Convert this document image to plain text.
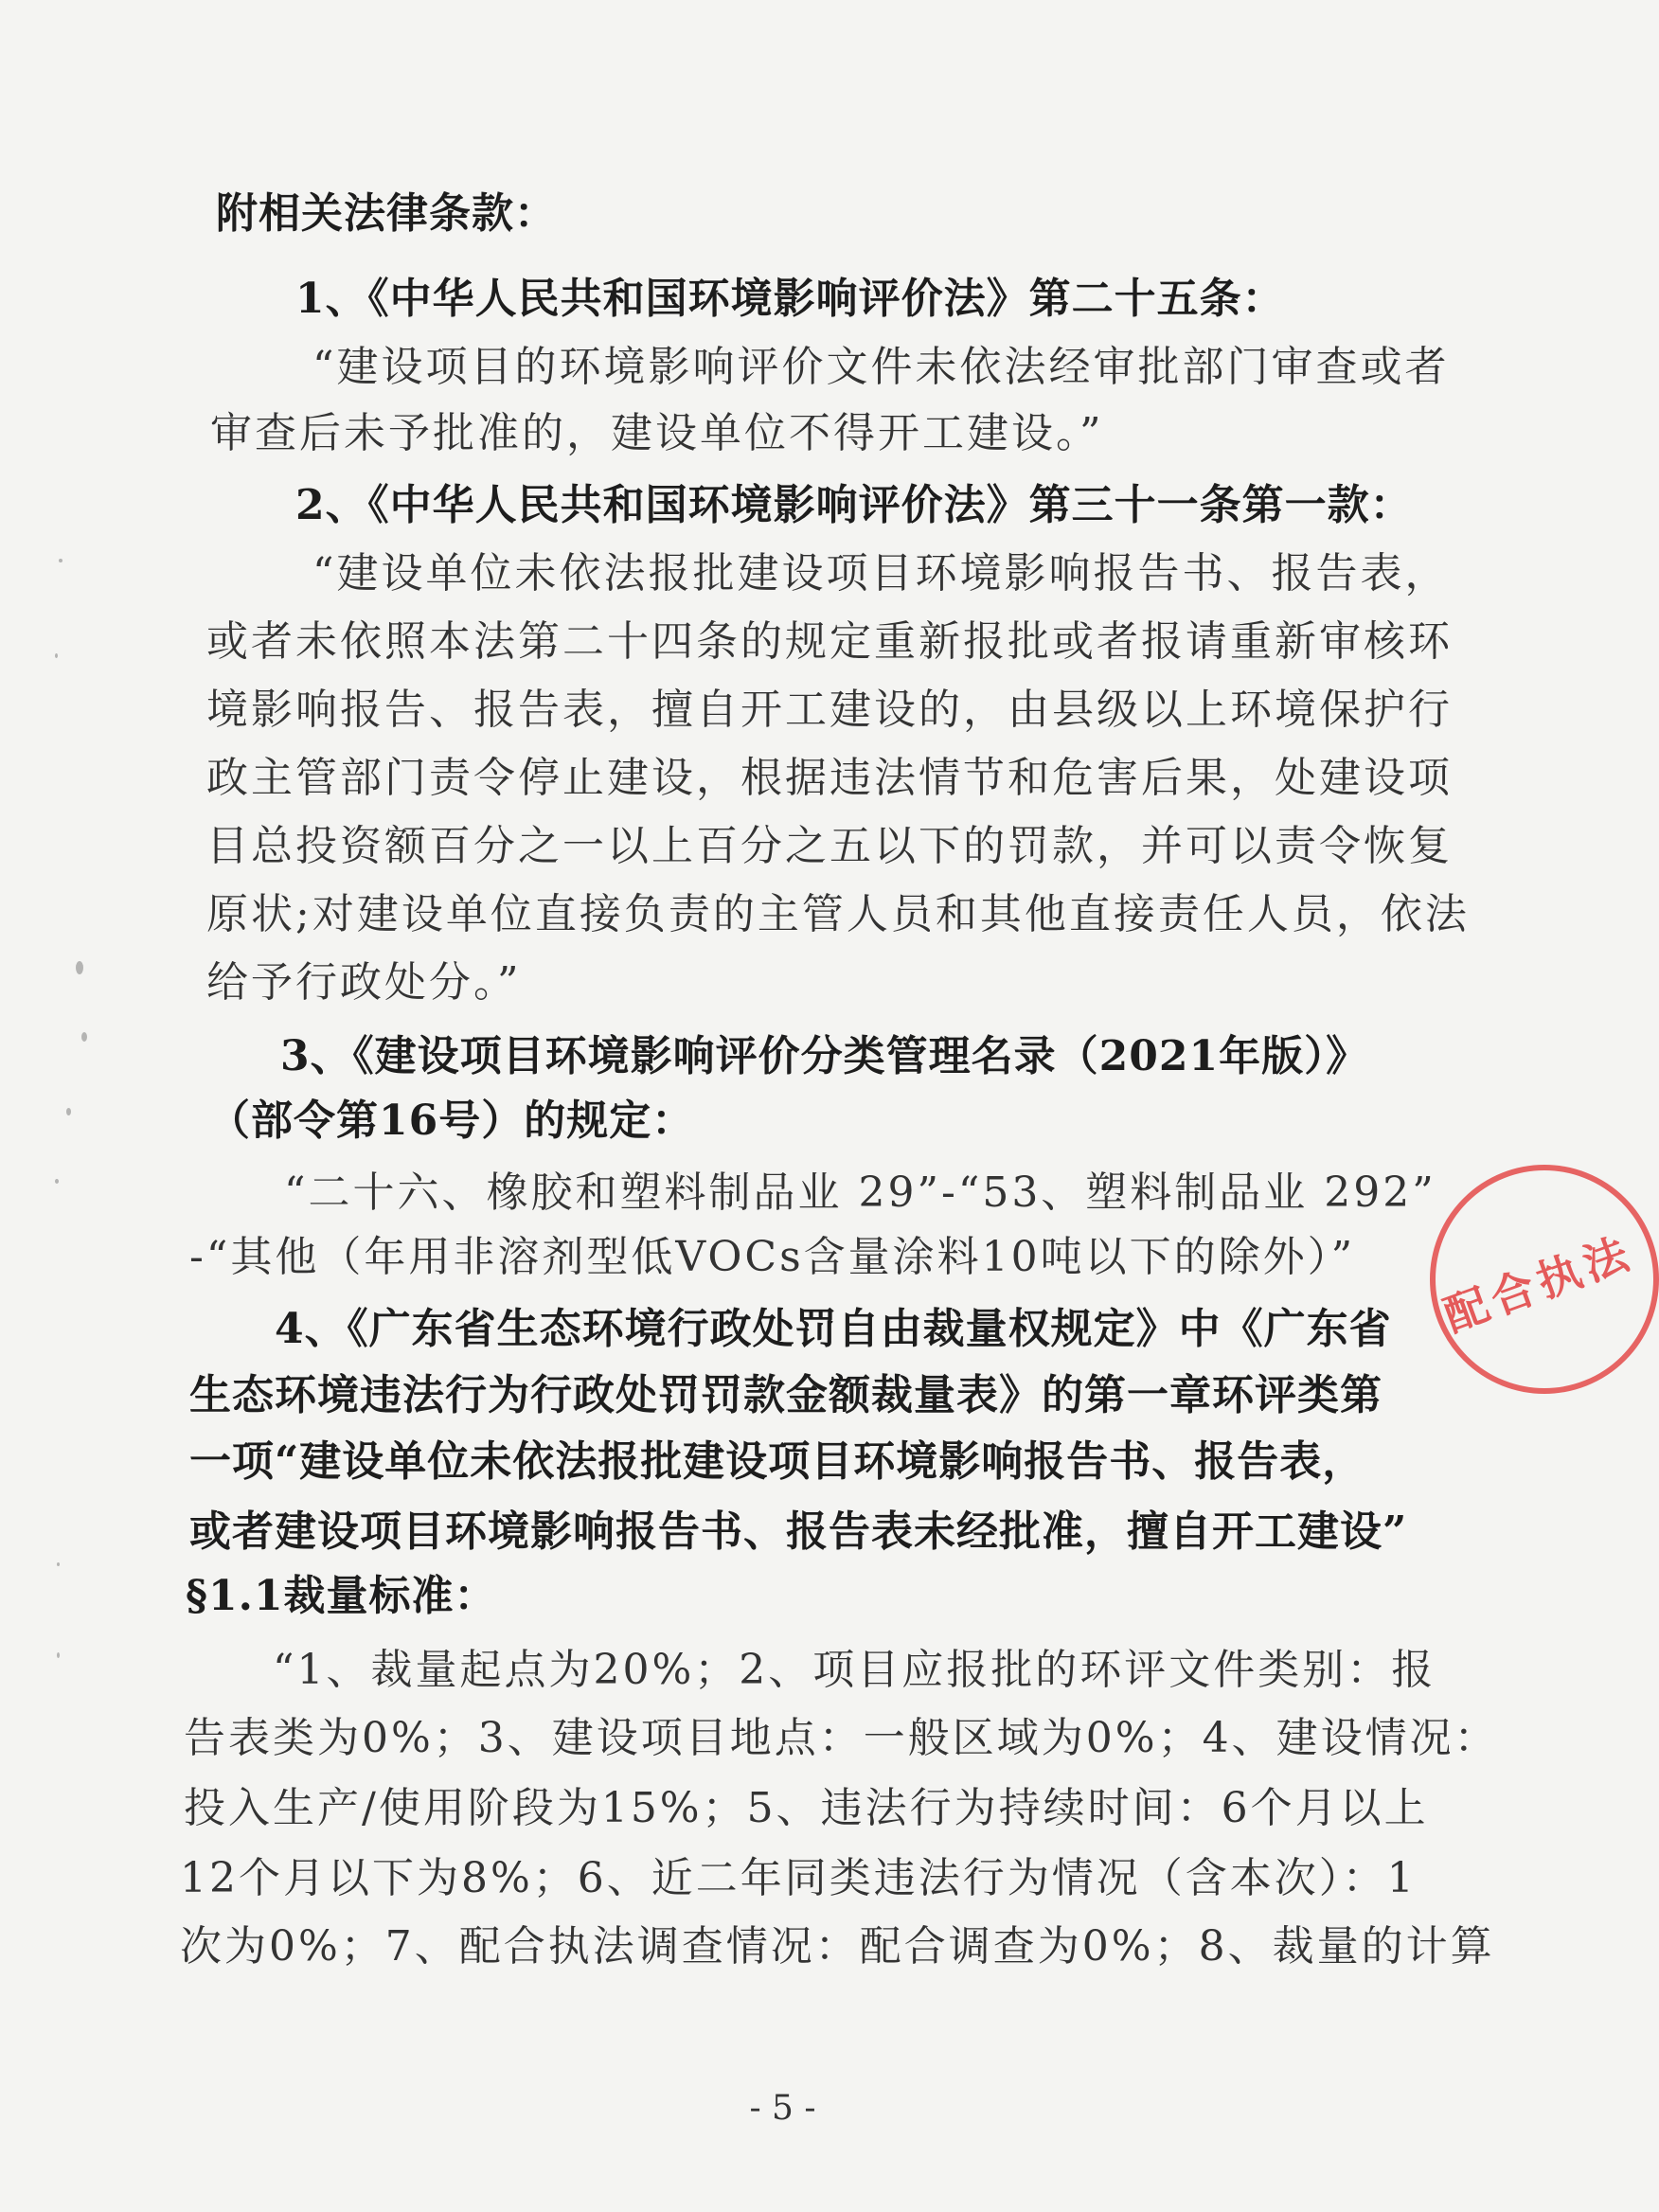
附相关法律条款：
1、《中华人民共和国环境影响评价法》第二十五条：
“建设项目的环境影响评价文件未依法经审批部门审查或者
审查后未予批准的，建设单位不得开工建设。”
2、《中华人民共和国环境影响评价法》第三十一条第一款：
“建设单位未依法报批建设项目环境影响报告书、报告表，
或者未依照本法第二十四条的规定重新报批或者报请重新审核环
境影响报告、报告表，擅自开工建设的，由县级以上环境保护行
政主管部门责令停止建设，根据违法情节和危害后果，处建设项
目总投资额百分之一以上百分之五以下的罚款，并可以责令恢复
原状;对建设单位直接负责的主管人员和其他直接责任人员，依法
给予行政处分。”
3、《建设项目环境影响评价分类管理名录（2021年版）》
（部令第16号）的规定：
“二十六、橡胶和塑料制品业 29”-“53、塑料制品业 292”
-“其他（年用非溶剂型低VOCs含量涂料10吨以下的除外）”
4、《广东省生态环境行政处罚自由裁量权规定》中《广东省
生态环境违法行为行政处罚罚款金额裁量表》的第一章环评类第
一项“建设单位未依法报批建设项目环境影响报告书、报告表，
或者建设项目环境影响报告书、报告表未经批准，擅自开工建设”
§1.1裁量标准：
“1、裁量起点为20%；2、项目应报批的环评文件类别：报
告表类为0%；3、建设项目地点：一般区域为0%；4、建设情况：
投入生产/使用阶段为15%；5、违法行为持续时间：6个月以上
12个月以下为8%；6、近二年同类违法行为情况（含本次）：1
次为0%；7、配合执法调查情况：配合调查为0%；8、裁量的计算
- 5 -
配合执法
